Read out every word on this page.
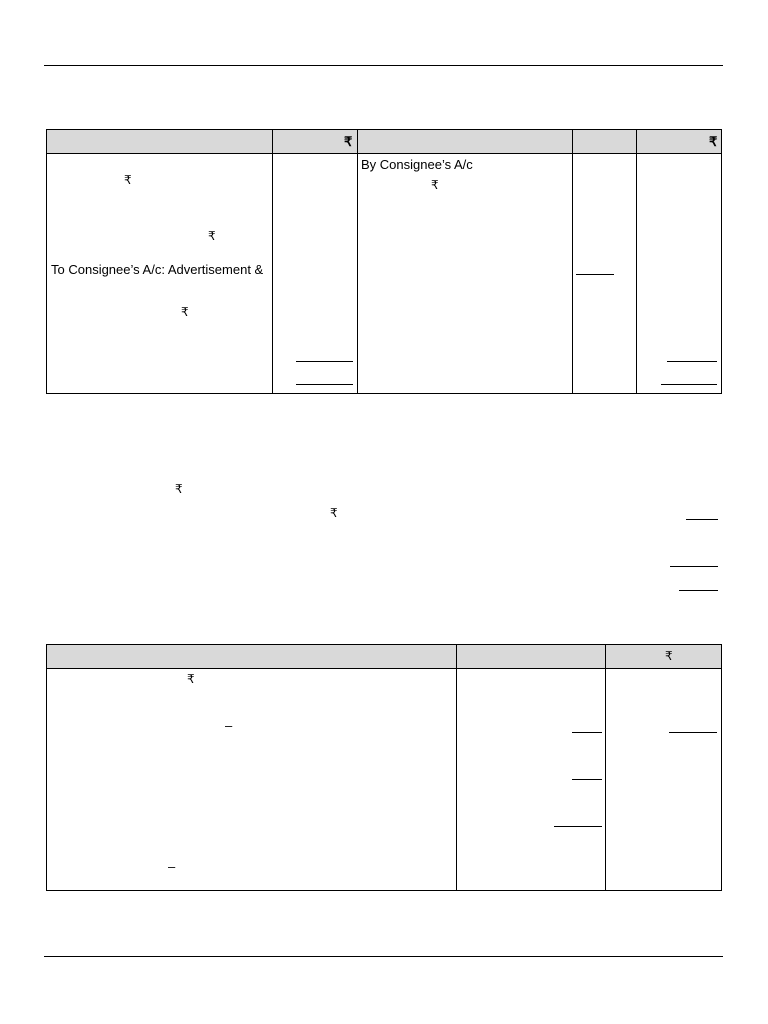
₹	₹
₹
₹
To Consignee’s A/c: Advertisement &
₹
By Consignee’s A/c
₹
₹
₹
₹
₹
–
–
